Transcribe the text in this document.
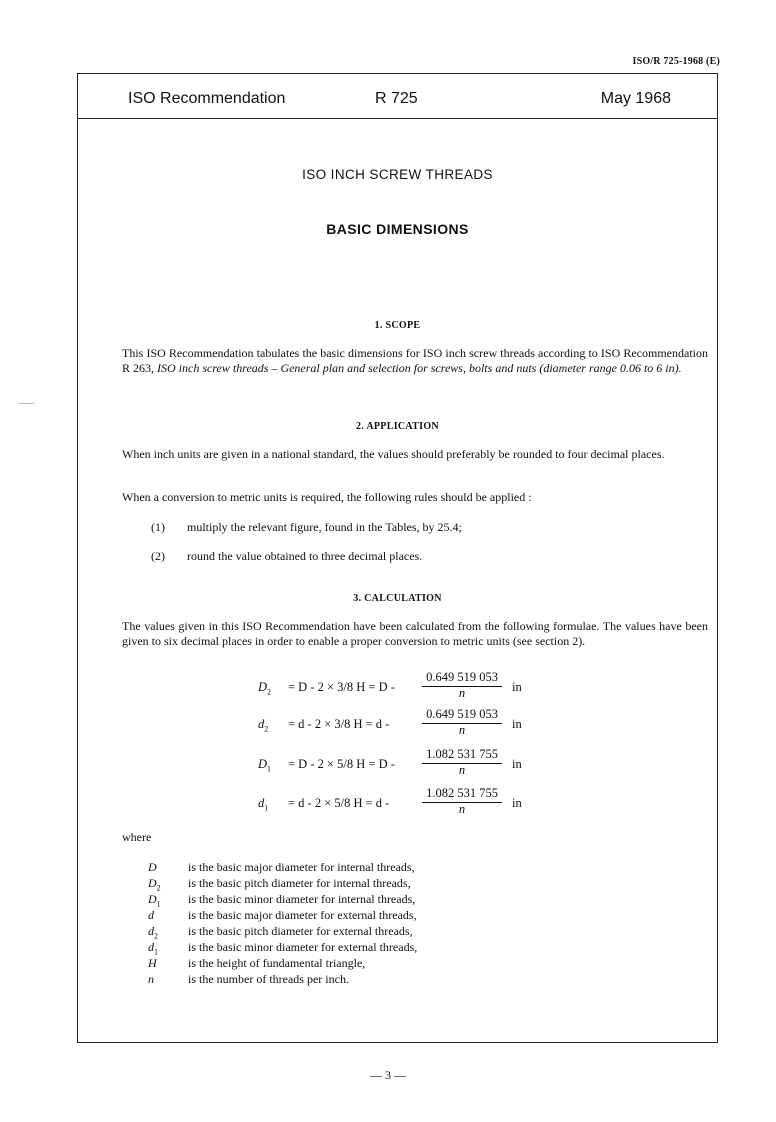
ISO/R 725-1968 (E)
ISO Recommendation	R 725	May 1968
ISO INCH SCREW THREADS
BASIC DIMENSIONS
1. SCOPE
This ISO Recommendation tabulates the basic dimensions for ISO inch screw threads according to ISO Recommendation R 263, ISO inch screw threads – General plan and selection for screws, bolts and nuts (diameter range 0.06 to 6 in).
2. APPLICATION
When inch units are given in a national standard, the values should preferably be rounded to four decimal places.
When a conversion to metric units is required, the following rules should be applied :
(1) multiply the relevant figure, found in the Tables, by 25.4;
(2) round the value obtained to three decimal places.
3. CALCULATION
The values given in this ISO Recommendation have been calculated from the following formulae. The values have been given to six decimal places in order to enable a proper conversion to metric units (see section 2).
$D_2 = D - 2 \times 3/8$ $H = D - \frac{0.649 519 053}{n}$ in
$d_2 = d - 2 \times 3/8$ H = d -	$\frac{0.649 519 053}{n}$ in
$D_1 = D - 2 \times 5/8$ $H = D - \frac{1.082 531 755}{n}$ in
$d_1 = d - 2 \times 5/8$ H = d -	$\frac{1.082 531 755}{n}$ in
where
D	is the basic major diameter for internal threads,
$D_2$ is the basic pitch diameter for internal threads,
$D_1$ is the basic minor diameter for internal threads,
d	is the basic major diameter for external threads,
$d_2$	is the basic pitch diameter for external threads,
$d_1$	is the basic minor diameter for external threads,
H	is the height of fundamental triangle,
n	is the number of threads per inch.
— 3 —
